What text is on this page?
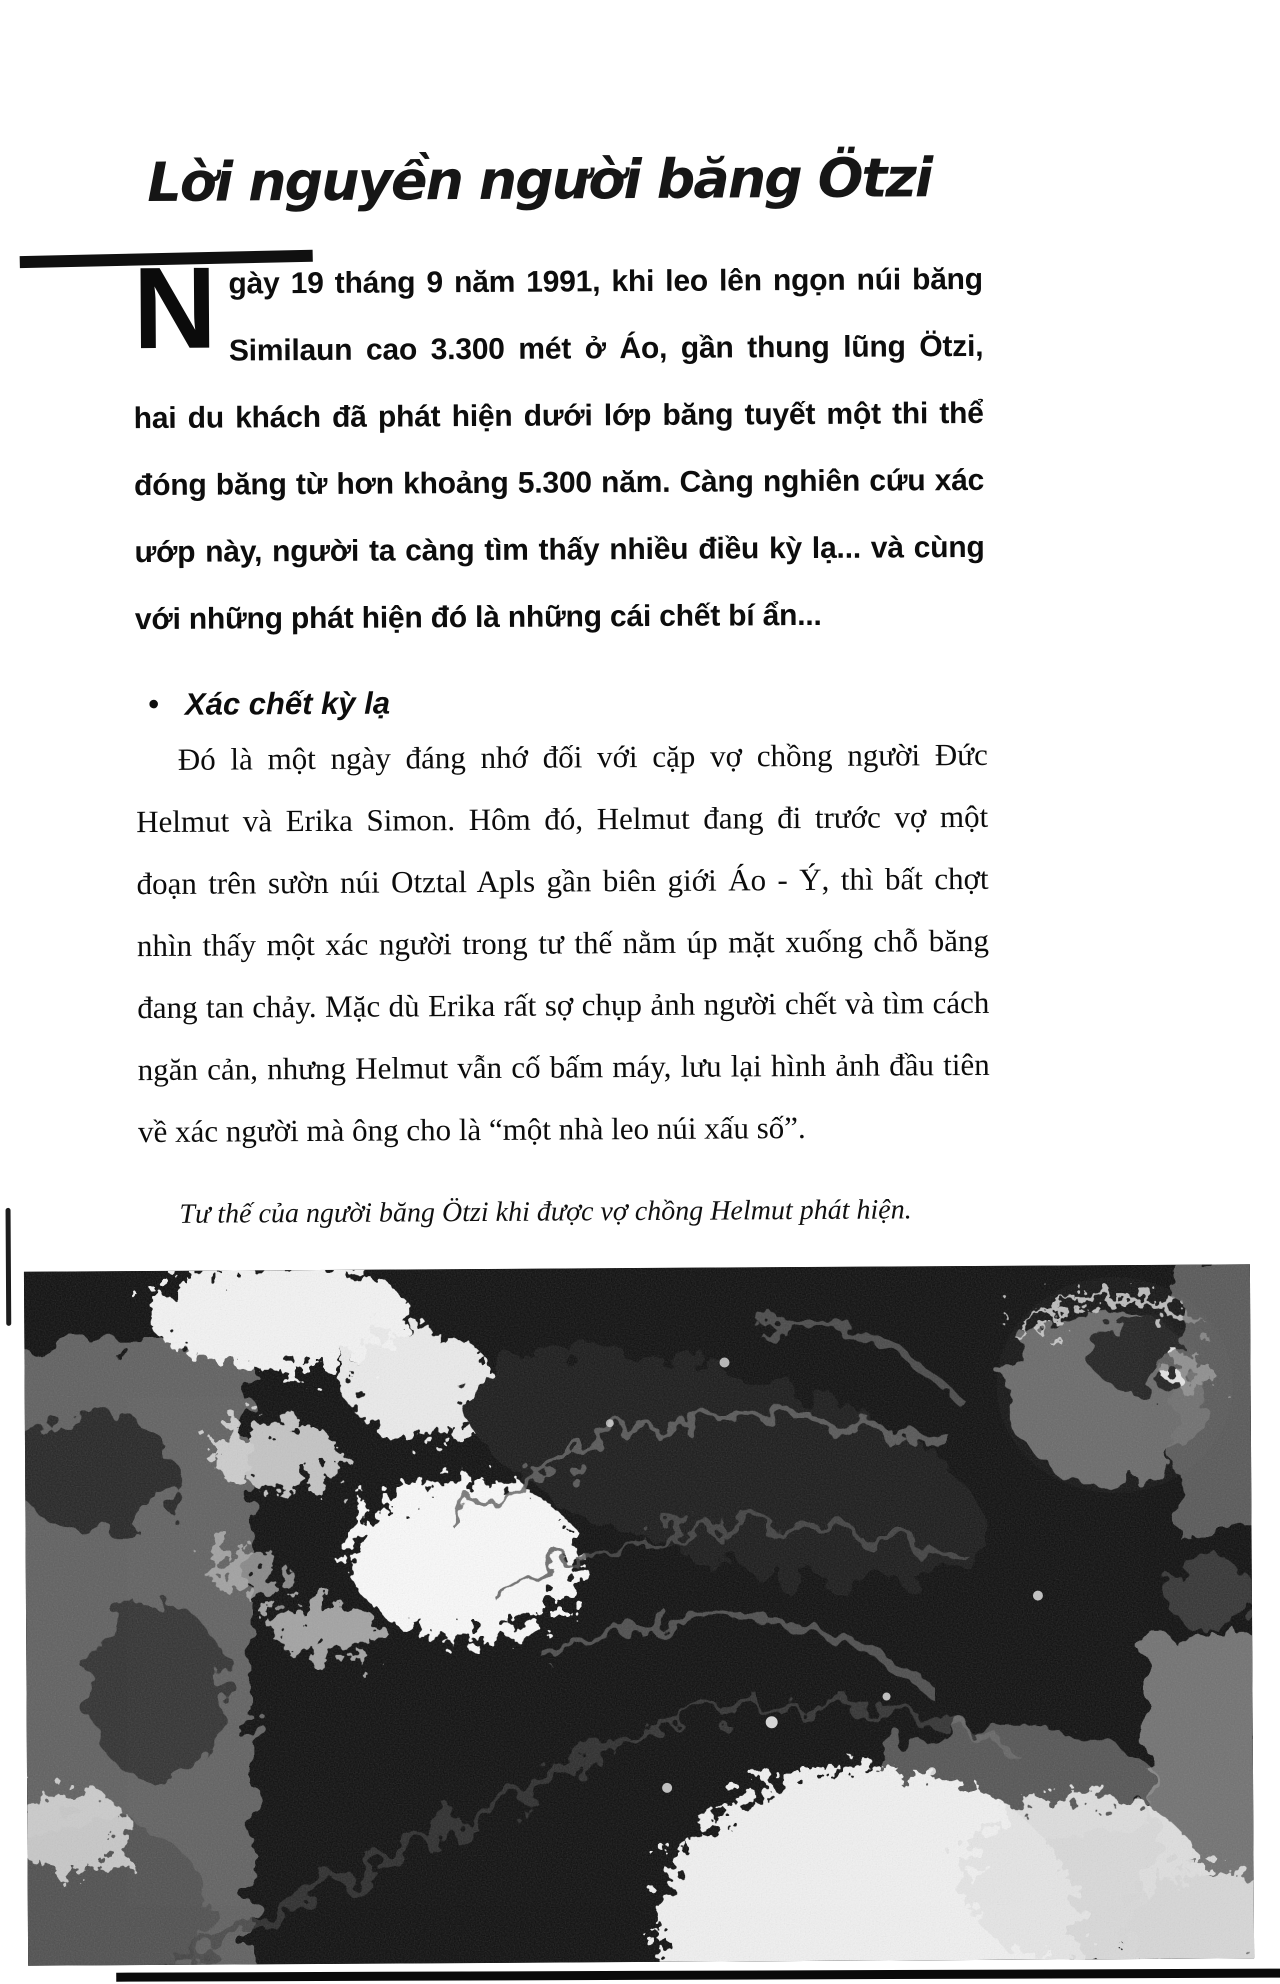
Lời nguyền người băng Ötzi

Ngày 19 tháng 9 năm 1991, khi leo lên ngọn núi băng Similaun cao 3.300 mét ở Áo, gần thung lũng Ötzi, hai du khách đã phát hiện dưới lớp băng tuyết một thi thể đóng băng từ hơn khoảng 5.300 năm. Càng nghiên cứu xác ướp này, người ta càng tìm thấy nhiều điều kỳ lạ... và cùng với những phát hiện đó là những cái chết bí ẩn...

• Xác chết kỳ lạ

Đó là một ngày đáng nhớ đối với cặp vợ chồng người Đức Helmut và Erika Simon. Hôm đó, Helmut đang đi trước vợ một đoạn trên sườn núi Otztal Apls gần biên giới Áo - Ý, thì bất chợt nhìn thấy một xác người trong tư thế nằm úp mặt xuống chỗ băng đang tan chảy. Mặc dù Erika rất sợ chụp ảnh người chết và tìm cách ngăn cản, nhưng Helmut vẫn cố bấm máy, lưu lại hình ảnh đầu tiên về xác người mà ông cho là “một nhà leo núi xấu số”.

Tư thế của người băng Ötzi khi được vợ chồng Helmut phát hiện.
